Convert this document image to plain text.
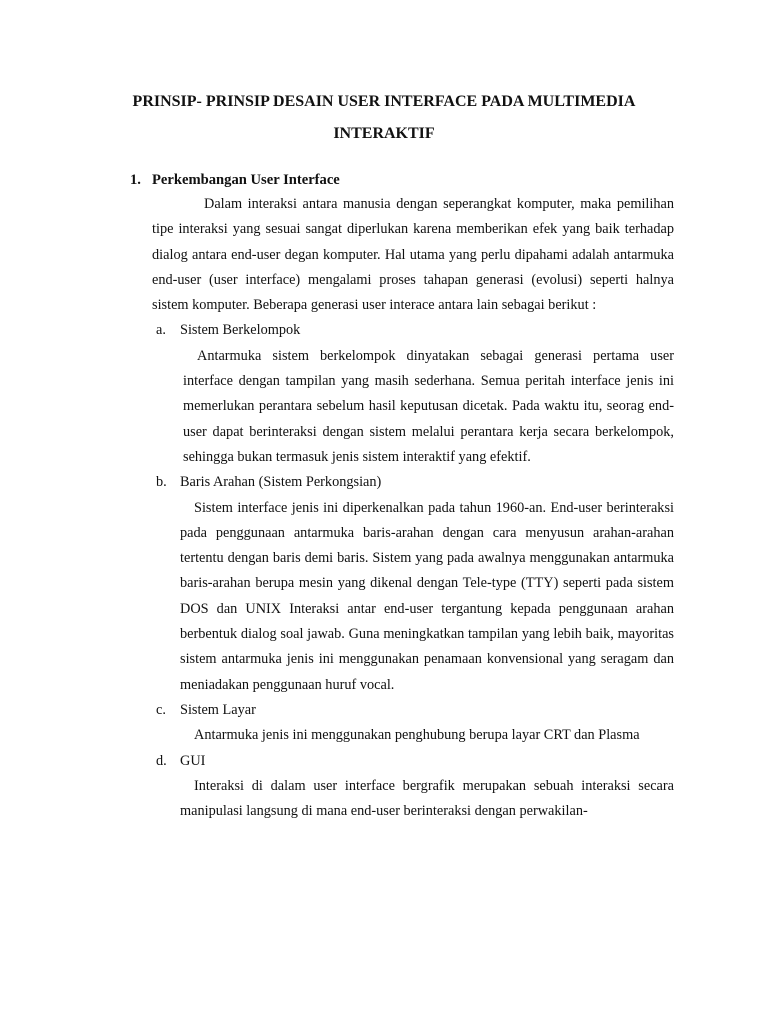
PRINSIP- PRINSIP DESAIN USER INTERFACE PADA MULTIMEDIA
INTERAKTIF
1. Perkembangan User Interface

Dalam interaksi antara manusia dengan seperangkat komputer, maka pemilihan tipe interaksi yang sesuai sangat diperlukan karena memberikan efek yang baik terhadap dialog antara end-user degan komputer. Hal utama yang perlu dipahami adalah antarmuka end-user (user interface) mengalami proses tahapan generasi (evolusi) seperti halnya sistem komputer. Beberapa generasi user interace antara lain sebagai berikut :

a. Sistem Berkelompok

Antarmuka sistem berkelompok dinyatakan sebagai generasi pertama user interface dengan tampilan yang masih sederhana. Semua peritah interface jenis ini memerlukan perantara sebelum hasil keputusan dicetak. Pada waktu itu, seorag end-user dapat berinteraksi dengan sistem melalui perantara kerja secara berkelompok, sehingga bukan termasuk jenis sistem interaktif yang efektif.

b. Baris Arahan (Sistem Perkongsian)

Sistem interface jenis ini diperkenalkan pada tahun 1960-an. End-user berinteraksi pada penggunaan antarmuka baris-arahan dengan cara menyusun arahan-arahan tertentu dengan baris demi baris. Sistem yang pada awalnya menggunakan antarmuka baris-arahan berupa mesin yang dikenal dengan Tele-type (TTY) seperti pada sistem DOS dan UNIX Interaksi antar end-user tergantung kepada penggunaan arahan berbentuk dialog soal jawab. Guna meningkatkan tampilan yang lebih baik, mayoritas sistem antarmuka jenis ini menggunakan penamaan konvensional yang seragam dan meniadakan penggunaan huruf vocal.

c. Sistem Layar

Antarmuka jenis ini menggunakan penghubung berupa layar CRT dan Plasma

d. GUI

Interaksi di dalam user interface bergrafik merupakan sebuah interaksi secara manipulasi langsung di mana end-user berinteraksi dengan perwakilan-
